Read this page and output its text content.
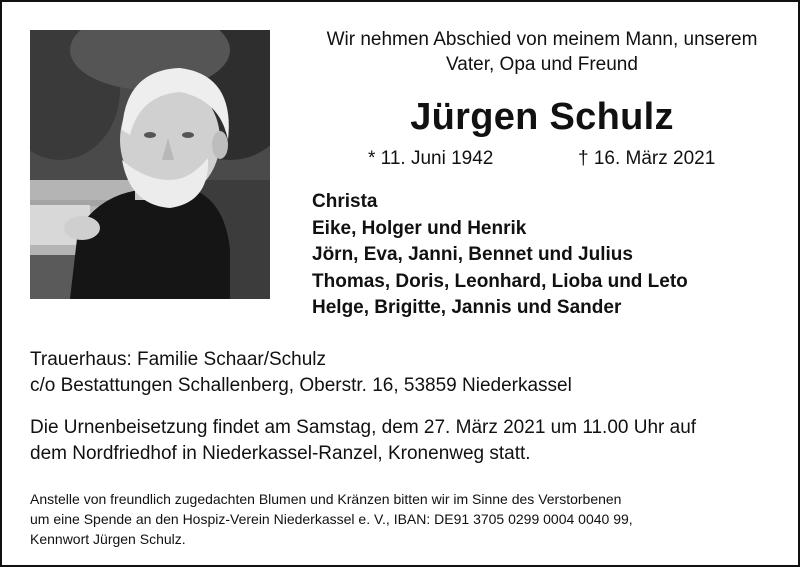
Wir nehmen Abschied von meinem Mann, unserem
Vater, Opa und Freund
Jürgen Schulz
* 11. Juni 1942	† 16. März 2021
Christa
Eike, Holger und Henrik
Jörn, Eva, Janni, Bennet und Julius
Thomas, Doris, Leonhard, Lioba und Leto
Helge, Brigitte, Jannis und Sander
Trauerhaus: Familie Schaar/Schulz
c/o Bestattungen Schallenberg, Oberstr. 16, 53859 Niederkassel
Die Urnenbeisetzung findet am Samstag, dem 27. März 2021 um 11.00 Uhr auf
dem Nordfriedhof in Niederkassel-Ranzel, Kronenweg statt.
Anstelle von freundlich zugedachten Blumen und Kränzen bitten wir im Sinne des Verstorbenen
um eine Spende an den Hospiz-Verein Niederkassel e. V., IBAN: DE91 3705 0299 0004 0040 99,
Kennwort Jürgen Schulz.
